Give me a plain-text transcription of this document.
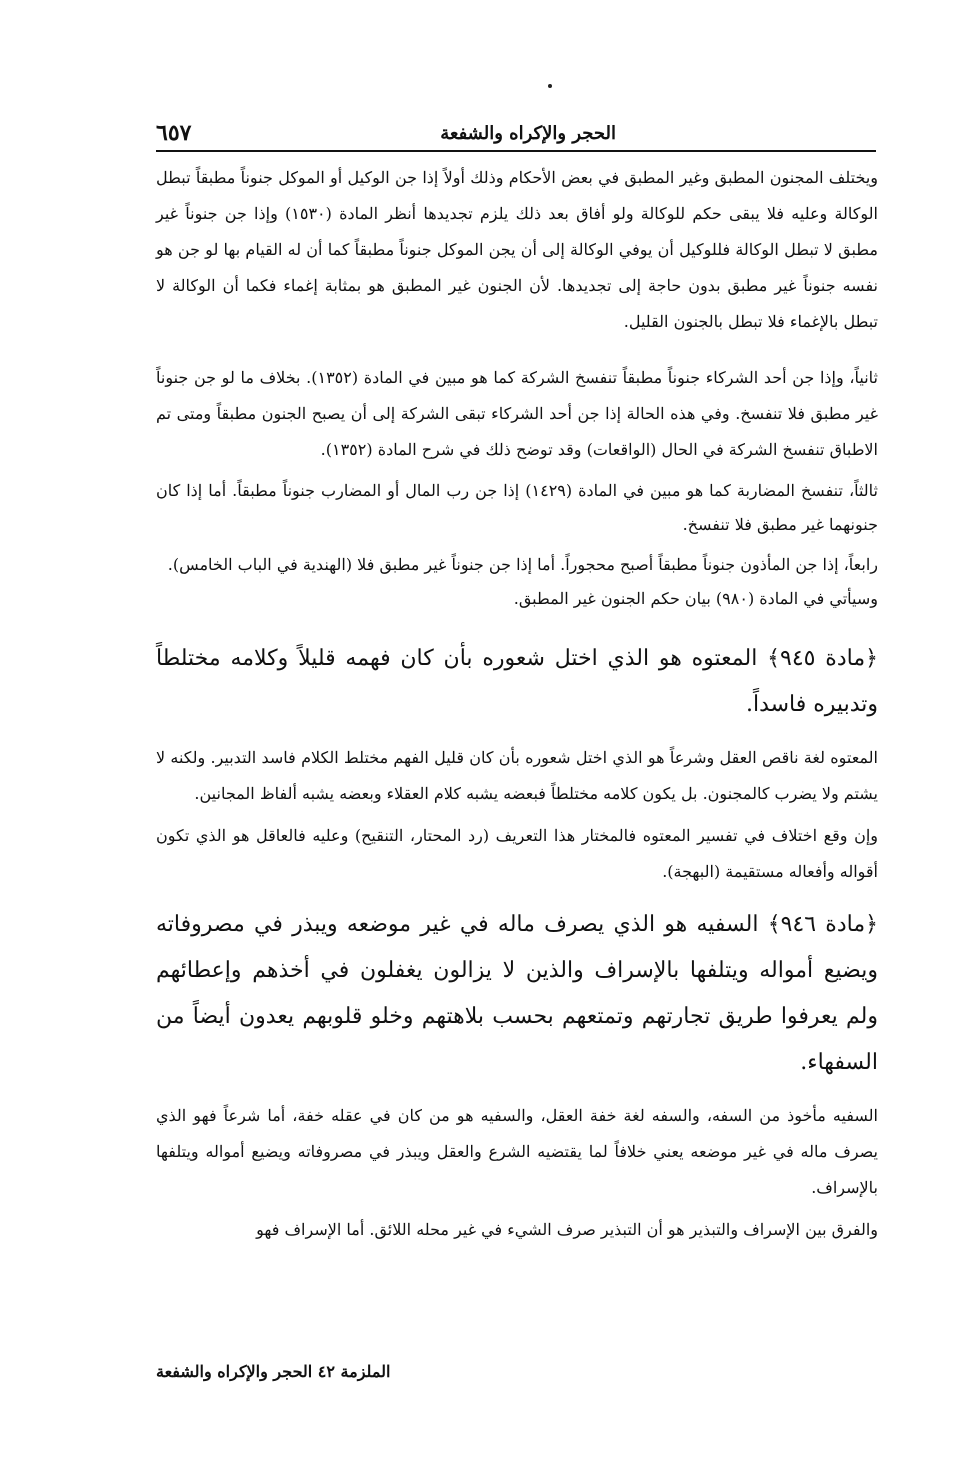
٦٥٧	الحجر والإكراه والشفعة

ويختلف المجنون المطبق وغير المطبق في بعض الأحكام وذلك أولاً إذا جن الوكيل أو الموكل جنوناً مطبقاً تبطل الوكالة وعليه فلا يبقى حكم للوكالة ولو أفاق بعد ذلك يلزم تجديدها أنظر المادة (١٥٣٠) وإذا جن جنوناً غير مطبق لا تبطل الوكالة فللوكيل أن يوفي الوكالة إلى أن يجن الموكل جنوناً مطبقاً كما أن له القيام بها لو جن هو نفسه جنوناً غير مطبق بدون حاجة إلى تجديدها. لأن الجنون غير المطبق هو بمثابة إغماء فكما أن الوكالة لا تبطل بالإغماء فلا تبطل بالجنون القليل.

ثانياً، وإذا جن أحد الشركاء جنوناً مطبقاً تنفسخ الشركة كما هو مبين في المادة (١٣٥٢). بخلاف ما لو جن جنوناً غير مطبق فلا تنفسخ. وفي هذه الحالة إذا جن أحد الشركاء تبقى الشركة إلى أن يصبح الجنون مطبقاً ومتى تم الاطباق تنفسخ الشركة في الحال (الواقعات) وقد توضح ذلك في شرح المادة (١٣٥٢).

ثالثاً، تنفسخ المضاربة كما هو مبين في المادة (١٤٢٩) إذا جن رب المال أو المضارب جنوناً مطبقاً. أما إذا كان جنونهما غير مطبق فلا تنفسخ.

رابعاً، إذا جن المأذون جنوناً مطبقاً أصبح محجوراً. أما إذا جن جنوناً غير مطبق فلا (الهندية في الباب الخامس).

وسيأتي في المادة (٩٨٠) بيان حكم الجنون غير المطبق.

﴿مادة ٩٤٥﴾ المعتوه هو الذي اختل شعوره بأن كان فهمه قليلاً وكلامه مختلطاً وتدبيره فاسداً.

المعتوه لغة ناقص العقل وشرعاً هو الذي اختل شعوره بأن كان قليل الفهم مختلط الكلام فاسد التدبير. ولكنه لا يشتم ولا يضرب كالمجنون. بل يكون كلامه مختلطاً فبعضه يشبه كلام العقلاء وبعضه يشبه ألفاظ المجانين.

وإن وقع اختلاف في تفسير المعتوه فالمختار هذا التعريف (رد المحتار، التنقيح) وعليه فالعاقل هو الذي تكون أقواله وأفعاله مستقيمة (البهجة).

﴿مادة ٩٤٦﴾ السفيه هو الذي يصرف ماله في غير موضعه ويبذر في مصروفاته ويضيع أمواله ويتلفها بالإسراف والذين لا يزالون يغفلون في أخذهم وإعطائهم ولم يعرفوا طريق تجارتهم وتمتعهم بحسب بلاهتهم وخلو قلوبهم يعدون أيضاً من السفهاء.

السفيه مأخوذ من السفه، والسفه لغة خفة العقل، والسفيه هو من كان في عقله خفة، أما شرعاً فهو الذي يصرف ماله في غير موضعه يعني خلافاً لما يقتضيه الشرع والعقل ويبذر في مصروفاته ويضيع أمواله ويتلفها بالإسراف.

والفرق بين الإسراف والتبذير هو أن التبذير صرف الشيء في غير محله اللائق. أما الإسراف فهو

الملزمة ٤٢ الحجر والإكراه والشفعة
